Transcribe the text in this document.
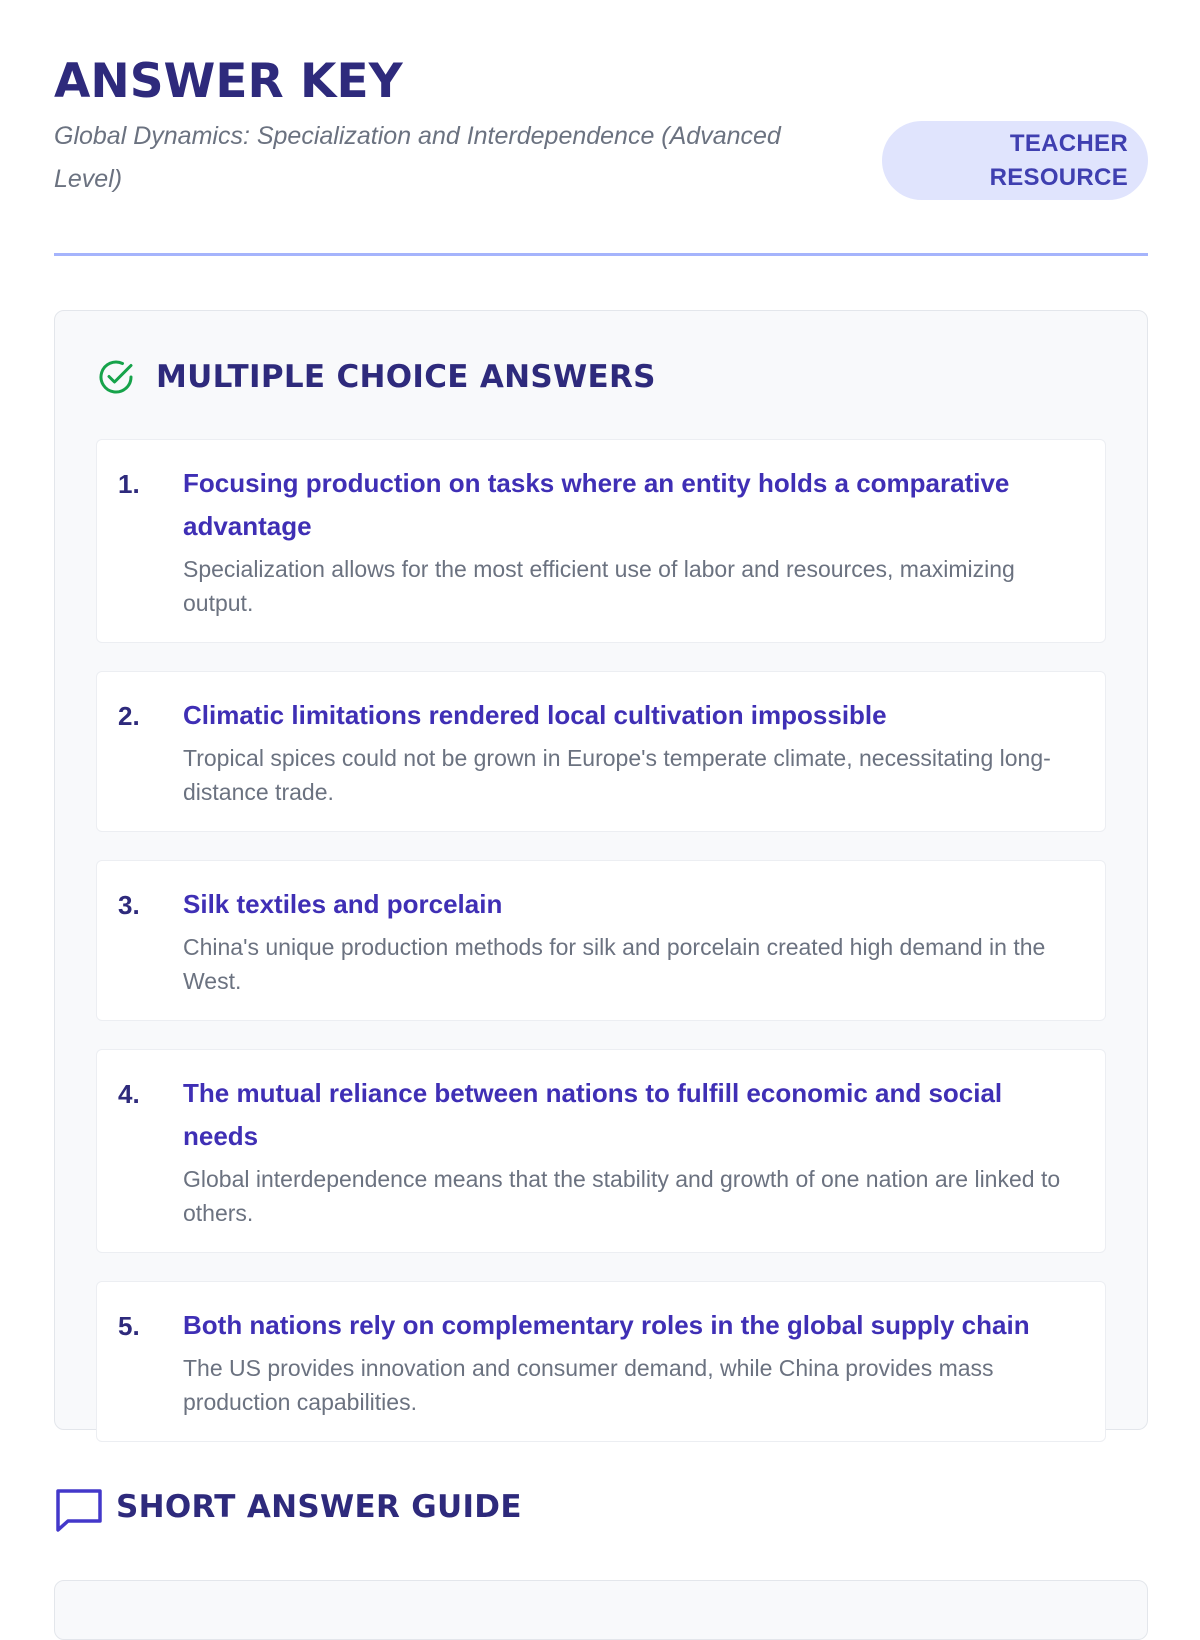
ANSWER KEY

Global Dynamics: Specialization and Interdependence (Advanced Level)

TEACHER RESOURCE
MULTIPLE CHOICE ANSWERS
1. Focusing production on tasks where an entity holds a comparative advantage

Specialization allows for the most efficient use of labor and resources, maximizing output.

2. Climatic limitations rendered local cultivation impossible

Tropical spices could not be grown in Europe's temperate climate, necessitating long-distance trade.

3. Silk textiles and porcelain

China's unique production methods for silk and porcelain created high demand in the West.

4. The mutual reliance between nations to fulfill economic and social needs

Global interdependence means that the stability and growth of one nation are linked to others.

5. Both nations rely on complementary roles in the global supply chain

The US provides innovation and consumer demand, while China provides mass production capabilities.

SHORT ANSWER GUIDE
